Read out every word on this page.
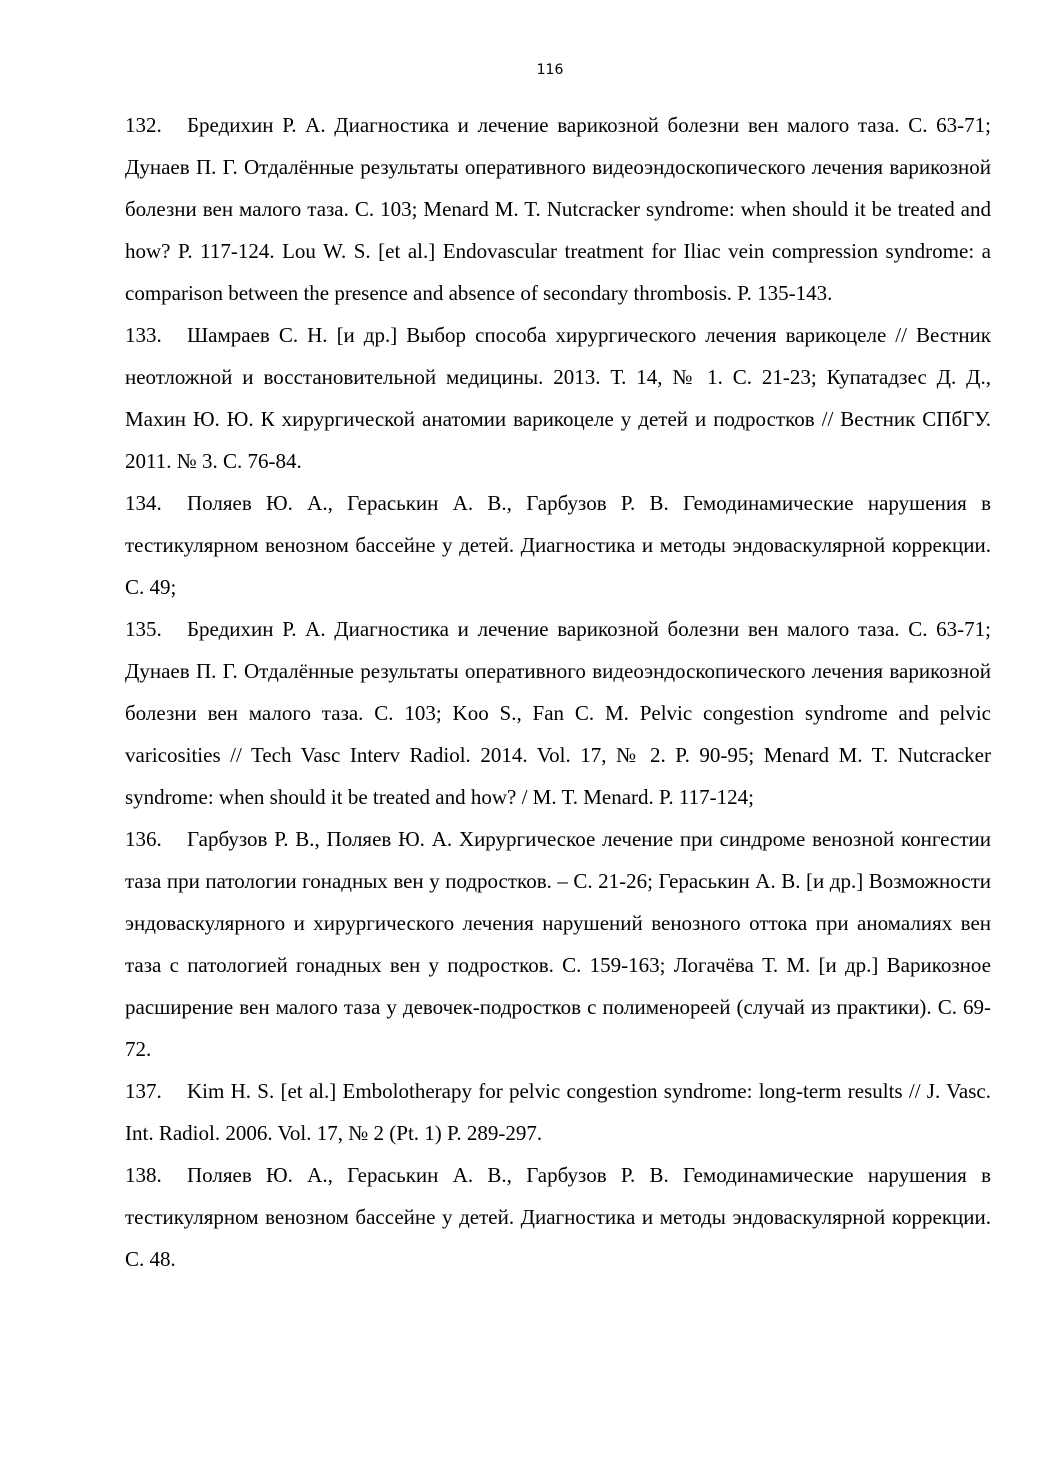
116

132. Бредихин Р. А. Диагностика и лечение варикозной болезни вен малого таза. С. 63-71; Дунаев П. Г. Отдалённые результаты оперативного видеоэндоскопического лечения варикозной болезни вен малого таза. С. 103; Menard M. T. Nutcracker syndrome: when should it be treated and how? P. 117-124. Lou W. S. [et al.] Endovascular treatment for Iliac vein compression syndrome: a comparison between the presence and absence of secondary thrombosis. P. 135-143.

133. Шамраев С. Н. [и др.] Выбор способа хирургического лечения варикоцеле // Вестник неотложной и восстановительной медицины. 2013. Т. 14, № 1. С. 21-23; Купатадзес Д. Д., Махин Ю. Ю. К хирургической анатомии варикоцеле у детей и подростков // Вестник СПбГУ. 2011. № 3. С. 76-84.

134. Поляев Ю. А., Гераськин А. В., Гарбузов Р. В. Гемодинамические нарушения в тестикулярном венозном бассейне у детей. Диагностика и методы эндоваскулярной коррекции. С. 49;

135. Бредихин Р. А. Диагностика и лечение варикозной болезни вен малого таза. С. 63-71; Дунаев П. Г. Отдалённые результаты оперативного видеоэндоскопического лечения варикозной болезни вен малого таза. С. 103; Koo S., Fan C. M. Pelvic congestion syndrome and pelvic varicosities // Tech Vasc Interv Radiol. 2014. Vol. 17, № 2. P. 90-95; Menard M. T. Nutcracker syndrome: when should it be treated and how? / M. T. Menard. P. 117-124;

136. Гарбузов Р. В., Поляев Ю. А. Хирургическое лечение при синдроме венозной конгестии таза при патологии гонадных вен у подростков. – С. 21-26; Гераськин А. В. [и др.] Возможности эндоваскулярного и хирургического лечения нарушений венозного оттока при аномалиях вен таза с патологией гонадных вен у подростков. С. 159-163; Логачёва Т. М. [и др.] Варикозное расширение вен малого таза у девочек-подростков с полименореей (случай из практики). С. 69-72.

137. Kim H. S. [et al.] Embolotherapy for pelvic congestion syndrome: long-term results // J. Vasc. Int. Radiol. 2006. Vol. 17, № 2 (Pt. 1) P. 289-297.

138. Поляев Ю. А., Гераськин А. В., Гарбузов Р. В. Гемодинамические нарушения в тестикулярном венозном бассейне у детей. Диагностика и методы эндоваскулярной коррекции. С. 48.
